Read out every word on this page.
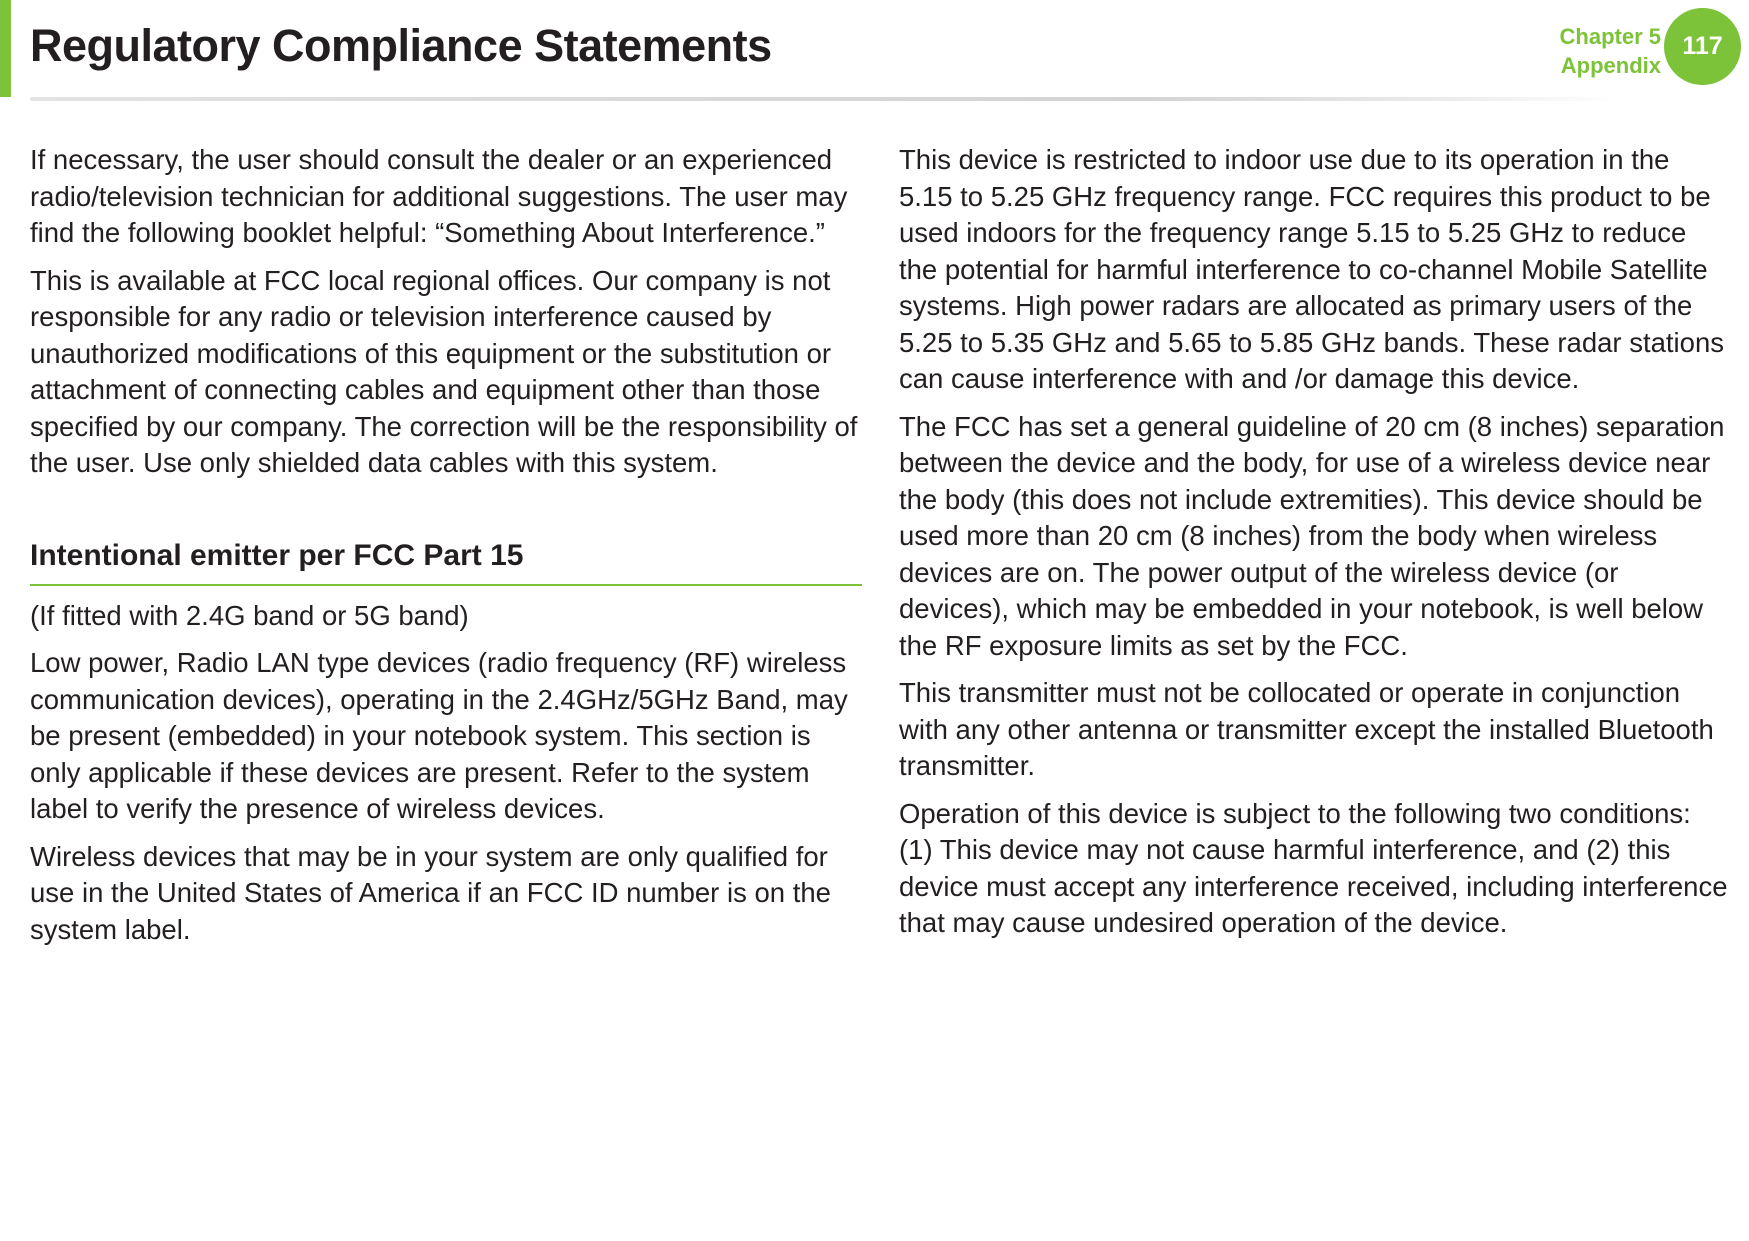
Regulatory Compliance Statements	Chapter 5
Appendix
117

If necessary, the user should consult the dealer or an experienced radio/television technician for additional suggestions. The user may find the following booklet helpful: “Something About Interference.”

This is available at FCC local regional offices. Our company is not responsible for any radio or television interference caused by unauthorized modifications of this equipment or the substitution or attachment of connecting cables and equipment other than those specified by our company. The correction will be the responsibility of the user. Use only shielded data cables with this system.

Intentional emitter per FCC Part 15

(If fitted with 2.4G band or 5G band)

Low power, Radio LAN type devices (radio frequency (RF) wireless communication devices), operating in the 2.4GHz/5GHz Band, may be present (embedded) in your notebook system. This section is only applicable if these devices are present. Refer to the system label to verify the presence of wireless devices.

Wireless devices that may be in your system are only qualified for use in the United States of America if an FCC ID number is on the system label.

This device is restricted to indoor use due to its operation in the 5.15 to 5.25 GHz frequency range. FCC requires this product to be used indoors for the frequency range 5.15 to 5.25 GHz to reduce the potential for harmful interference to co-channel Mobile Satellite systems. High power radars are allocated as primary users of the 5.25 to 5.35 GHz and 5.65 to 5.85 GHz bands. These radar stations can cause interference with and /or damage this device.

The FCC has set a general guideline of 20 cm (8 inches) separation between the device and the body, for use of a wireless device near the body (this does not include extremities). This device should be used more than 20 cm (8 inches) from the body when wireless devices are on. The power output of the wireless device (or devices), which may be embedded in your notebook, is well below the RF exposure limits as set by the FCC.

This transmitter must not be collocated or operate in conjunction with any other antenna or transmitter except the installed Bluetooth transmitter.

Operation of this device is subject to the following two conditions: (1) This device may not cause harmful interference, and (2) this device must accept any interference received, including interference that may cause undesired operation of the device.
